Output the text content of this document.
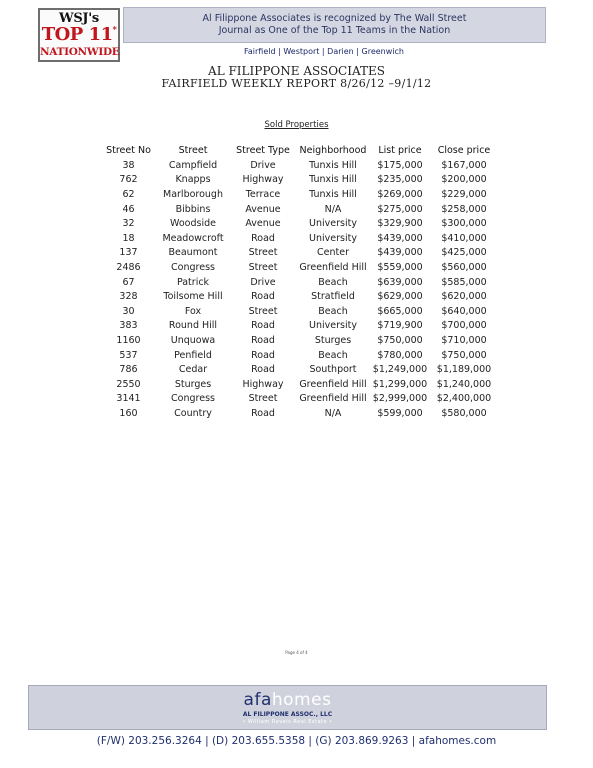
WSJ's
TOP 11*
NATIONWIDE
Al Filippone Associates is recognized by The Wall Street
Journal as One of the Top 11 Teams in the Nation
Fairfield | Westport | Darien | Greenwich
AL FILIPPONE ASSOCIATES
FAIRFIELD WEEKLY REPORT 8/26/12 –9/1/12
Sold Properties
Street No	Street	Street Type	Neighborhood	List price	Close price
38	Campfield	Drive	Tunxis Hill	$175,000	$167,000
762	Knapps	Highway	Tunxis Hill	$235,000	$200,000
62	Marlborough	Terrace	Tunxis Hill	$269,000	$229,000
46	Bibbins	Avenue	N/A	$275,000	$258,000
32	Woodside	Avenue	University	$329,900	$300,000
18	Meadowcroft	Road	University	$439,000	$410,000
137	Beaumont	Street	Center	$439,000	$425,000
2486	Congress	Street	Greenfield Hill	$559,000	$560,000
67	Patrick	Drive	Beach	$639,000	$585,000
328	Toilsome Hill	Road	Stratfield	$629,000	$620,000
30	Fox	Street	Beach	$665,000	$640,000
383	Round Hill	Road	University	$719,900	$700,000
1160	Unquowa	Road	Sturges	$750,000	$710,000
537	Penfield	Road	Beach	$780,000	$750,000
786	Cedar	Road	Southport	$1,249,000	$1,189,000
2550	Sturges	Highway	Greenfield Hill	$1,299,000	$1,240,000
3141	Congress	Street	Greenfield Hill	$2,999,000	$2,400,000
160	Country	Road	N/A	$599,000	$580,000
Page 4 of 4
afahomes
AL FILIPPONE ASSOC., LLC
• William Raveis Real Estate •
(F/W) 203.256.3264 | (D) 203.655.5358 | (G) 203.869.9263 | afahomes.com
